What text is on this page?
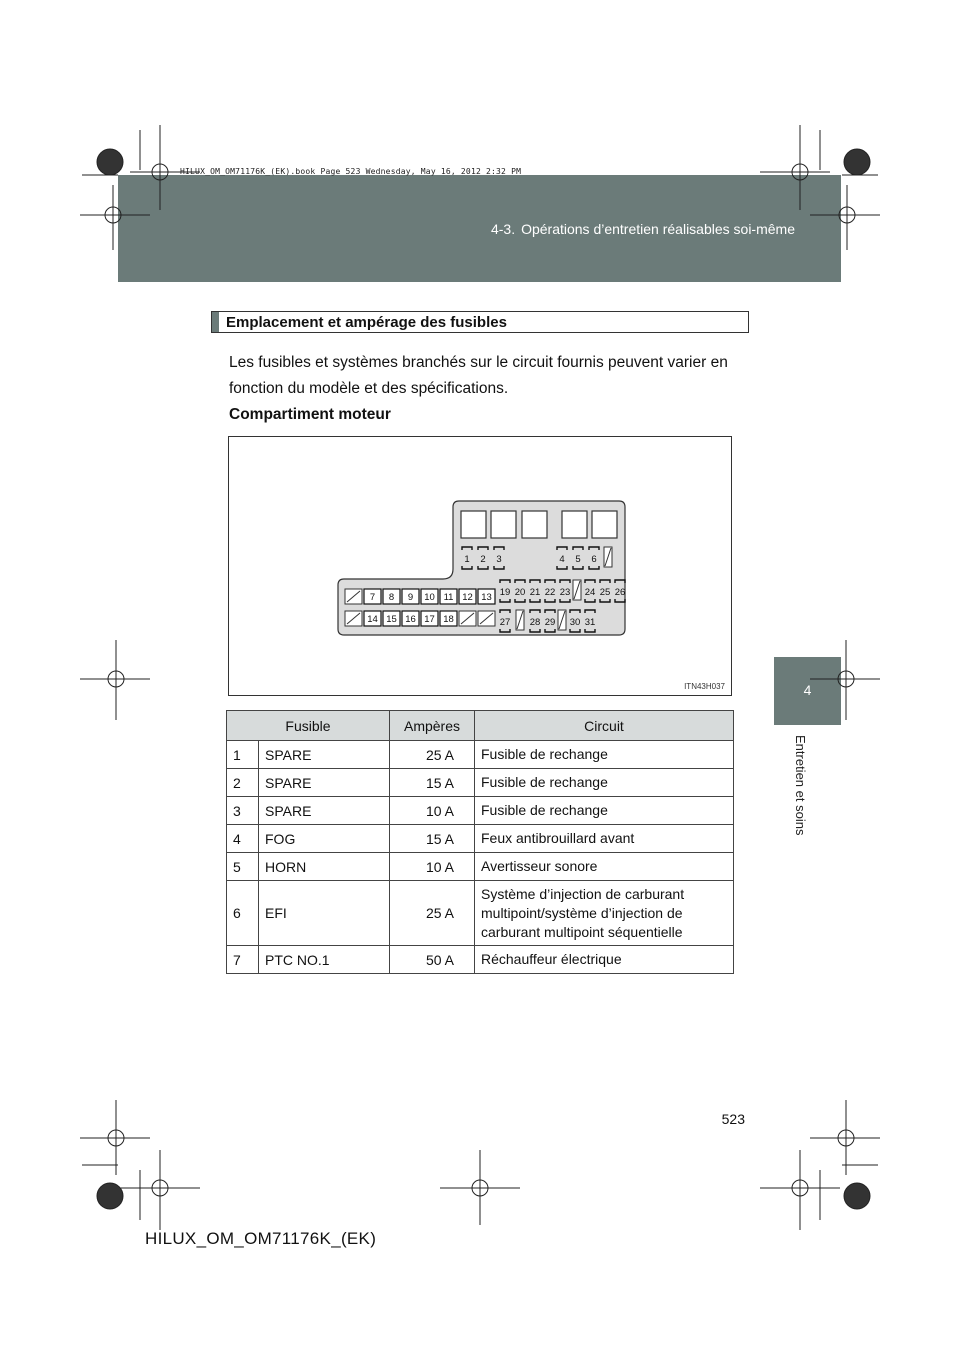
4-3. Opérations d’entretien réalisables soi-même
HILUX_OM_OM71176K_(EK).book Page 523 Wednesday, May 16, 2012 2:32 PM
4
Entretien et soins
Emplacement et ampérage des fusibles
Les fusibles et systèmes branchés sur le circuit fournis peuvent varier en fonction du modèle et des spécifications.
Compartiment moteur
1 2 3	4 5 6
7 8 9 10 11 12 13
14 15 16 17 18
19 20 21 22 23 24 25 26
27 28 29 30 31
ITN43H037
Fusible		Ampères	Circuit
1	SPARE	25 A	Fusible de rechange
2	SPARE	15 A	Fusible de rechange
3	SPARE	10 A	Fusible de rechange
4	FOG	15 A	Feux antibrouillard avant
5	HORN	10 A	Avertisseur sonore
6	EFI	25 A	Système d’injection de carburant multipoint/système d’injection de carburant multipoint séquentielle
7	PTC NO.1	50 A	Réchauffeur électrique
523
HILUX_OM_OM71176K_(EK)
